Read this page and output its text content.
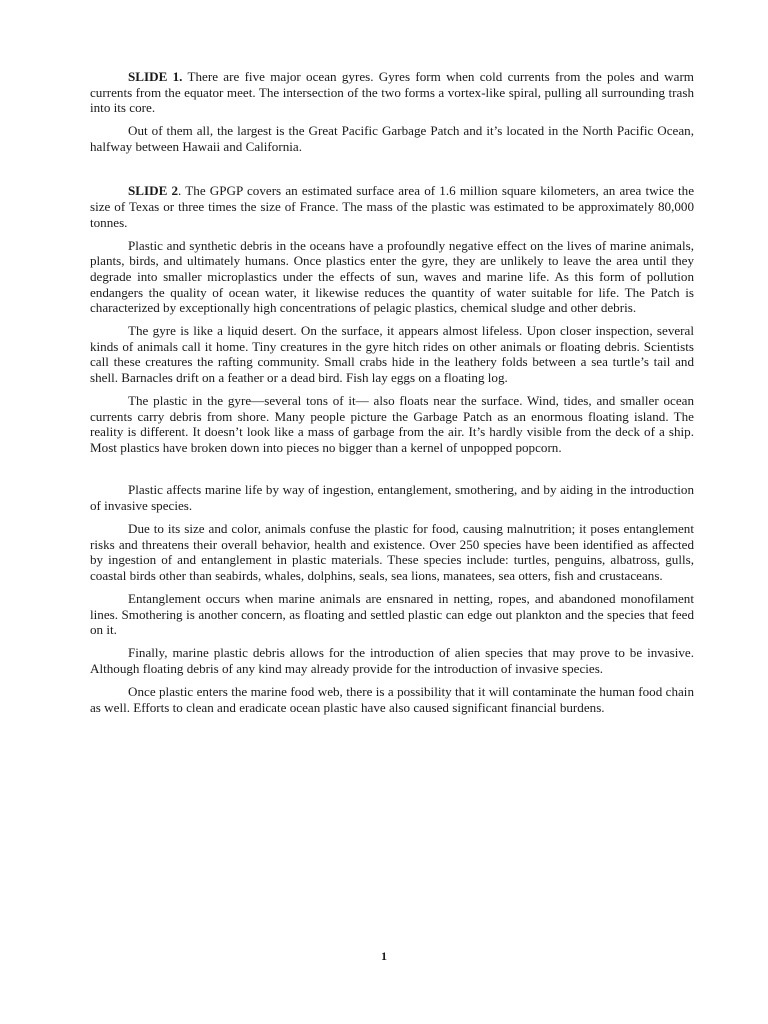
SLIDE 1. There are five major ocean gyres. Gyres form when cold currents from the poles and warm currents from the equator meet. The intersection of the two forms a vortex-like spiral, pulling all surrounding trash into its core.

Out of them all, the largest is the Great Pacific Garbage Patch and it’s located in the North Pacific Ocean, halfway between Hawaii and California.

SLIDE 2. The GPGP covers an estimated surface area of 1.6 million square kilometers, an area twice the size of Texas or three times the size of France. The mass of the plastic was estimated to be approximately 80,000 tonnes.

Plastic and synthetic debris in the oceans have a profoundly negative effect on the lives of marine animals, plants, birds, and ultimately humans. Once plastics enter the gyre, they are unlikely to leave the area until they degrade into smaller microplastics under the effects of sun, waves and marine life. As this form of pollution endangers the quality of ocean water, it likewise reduces the quantity of water suitable for life. The Patch is characterized by exceptionally high concentrations of pelagic plastics, chemical sludge and other debris.

The gyre is like a liquid desert. On the surface, it appears almost lifeless. Upon closer inspection, several kinds of animals call it home. Tiny creatures in the gyre hitch rides on other animals or floating debris. Scientists call these creatures the rafting community. Small crabs hide in the leathery folds between a sea turtle’s tail and shell. Barnacles drift on a feather or a dead bird. Fish lay eggs on a floating log.

The plastic in the gyre—several tons of it— also floats near the surface. Wind, tides, and smaller ocean currents carry debris from shore. Many people picture the Garbage Patch as an enormous floating island. The reality is different. It doesn’t look like a mass of garbage from the air. It’s hardly visible from the deck of a ship. Most plastics have broken down into pieces no bigger than a kernel of unpopped popcorn.

Plastic affects marine life by way of ingestion, entanglement, smothering, and by aiding in the introduction of invasive species.

Due to its size and color, animals confuse the plastic for food, causing malnutrition; it poses entanglement risks and threatens their overall behavior, health and existence. Over 250 species have been identified as affected by ingestion of and entanglement in plastic materials. These species include: turtles, penguins, albatross, gulls, coastal birds other than seabirds, whales, dolphins, seals, sea lions, manatees, sea otters, fish and crustaceans.

Entanglement occurs when marine animals are ensnared in netting, ropes, and abandoned monofilament lines. Smothering is another concern, as floating and settled plastic can edge out plankton and the species that feed on it.

Finally, marine plastic debris allows for the introduction of alien species that may prove to be invasive. Although floating debris of any kind may already provide for the introduction of invasive species.

Once plastic enters the marine food web, there is a possibility that it will contaminate the human food chain as well. Efforts to clean and eradicate ocean plastic have also caused significant financial burdens.

1
